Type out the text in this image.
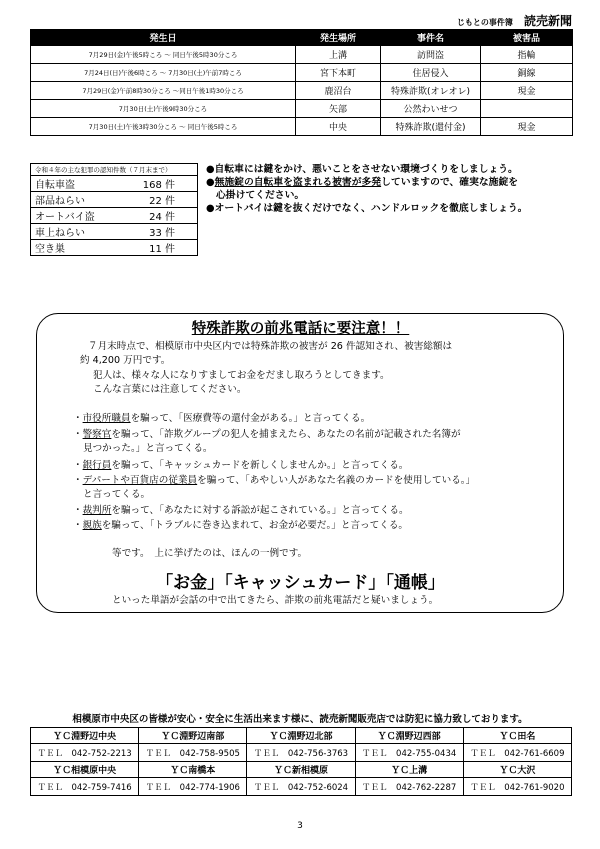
じもとの事件簿 読売新聞
発生日	発生場所	事件名	被害品
7月29日(金)午後5時ころ 〜 同日午後5時30分ころ	上溝	訪問盗	指輪
7月24日(日)午後6時ころ 〜 7月30日(土)午前7時ころ	宮下本町	住居侵入	銅線
7月29日(金)午前8時30分ころ 〜同日午後1時30分ころ	鹿沼台	特殊詐欺(オレオレ)	現金
7月30日(土)午後9時30分ころ	矢部	公然わいせつ	
7月30日(土)午後3時30分ころ 〜 同日午後5時ころ	中央	特殊詐欺(還付金)	現金
令和４年の主な犯罪の認知件数（７月末まで）	
自転車盗	168 件
部品ねらい	22 件
オートバイ盗	24 件
車上ねらい	33 件
空き巣	11 件
●自転車には鍵をかけ、悪いことをさせない環境づくりをしましょう。
●無施錠の自転車を盗まれる被害が多発していますので、確実な施錠を
心掛けてください。
●オートバイは鍵を抜くだけでなく、ハンドルロックを徹底しましょう。
特殊詐欺の前兆電話に要注意！！
７月末時点で、相模原市中央区内では特殊詐欺の被害が 26 件認知され、被害総額は
約 4,200 万円です。
犯人は、様々な人になりすましてお金をだまし取ろうとしてきます。
こんな言葉には注意してください。
・市役所職員を騙って、「医療費等の還付金がある。」と言ってくる。
・警察官を騙って、「詐欺グループの犯人を捕まえたら、あなたの名前が記載された名簿が
見つかった。」と言ってくる。
・銀行員を騙って、「キャッシュカードを新しくしませんか。」と言ってくる。
・デパートや百貨店の従業員を騙って、「あやしい人があなた名義のカードを使用している。」
と言ってくる。
・裁判所を騙って、「あなたに対する訴訟が起こされている。」と言ってくる。
・親族を騙って、「トラブルに巻き込まれて、お金が必要だ。」と言ってくる。
等です。　上に挙げたのは、ほんの一例です。
「お金」「キャッシュカード」「通帳」
といった単語が会話の中で出てきたら、詐欺の前兆電話だと疑いましょう。
相模原市中央区の皆様が安心・安全に生活出来ます様に、読売新聞販売店では防犯に協力致しております。
ＹＣ淵野辺中央	ＹＣ淵野辺南部	ＹＣ淵野辺北部	ＹＣ淵野辺西部	ＹＣ田名
ＴＥＬ　042-752-2213	ＴＥＬ　042-758-9505	ＴＥＬ　042-756-3763	ＴＥＬ　042-755-0434	ＴＥＬ　042-761-6609
ＹＣ相模原中央	ＹＣ南橋本	ＹＣ新相模原	ＹＣ上溝	ＹＣ大沢
ＴＥＬ　042-759-7416	ＴＥＬ　042-774-1906	ＴＥＬ　042-752-6024	ＴＥＬ　042-762-2287	ＴＥＬ　042-761-9020
3
